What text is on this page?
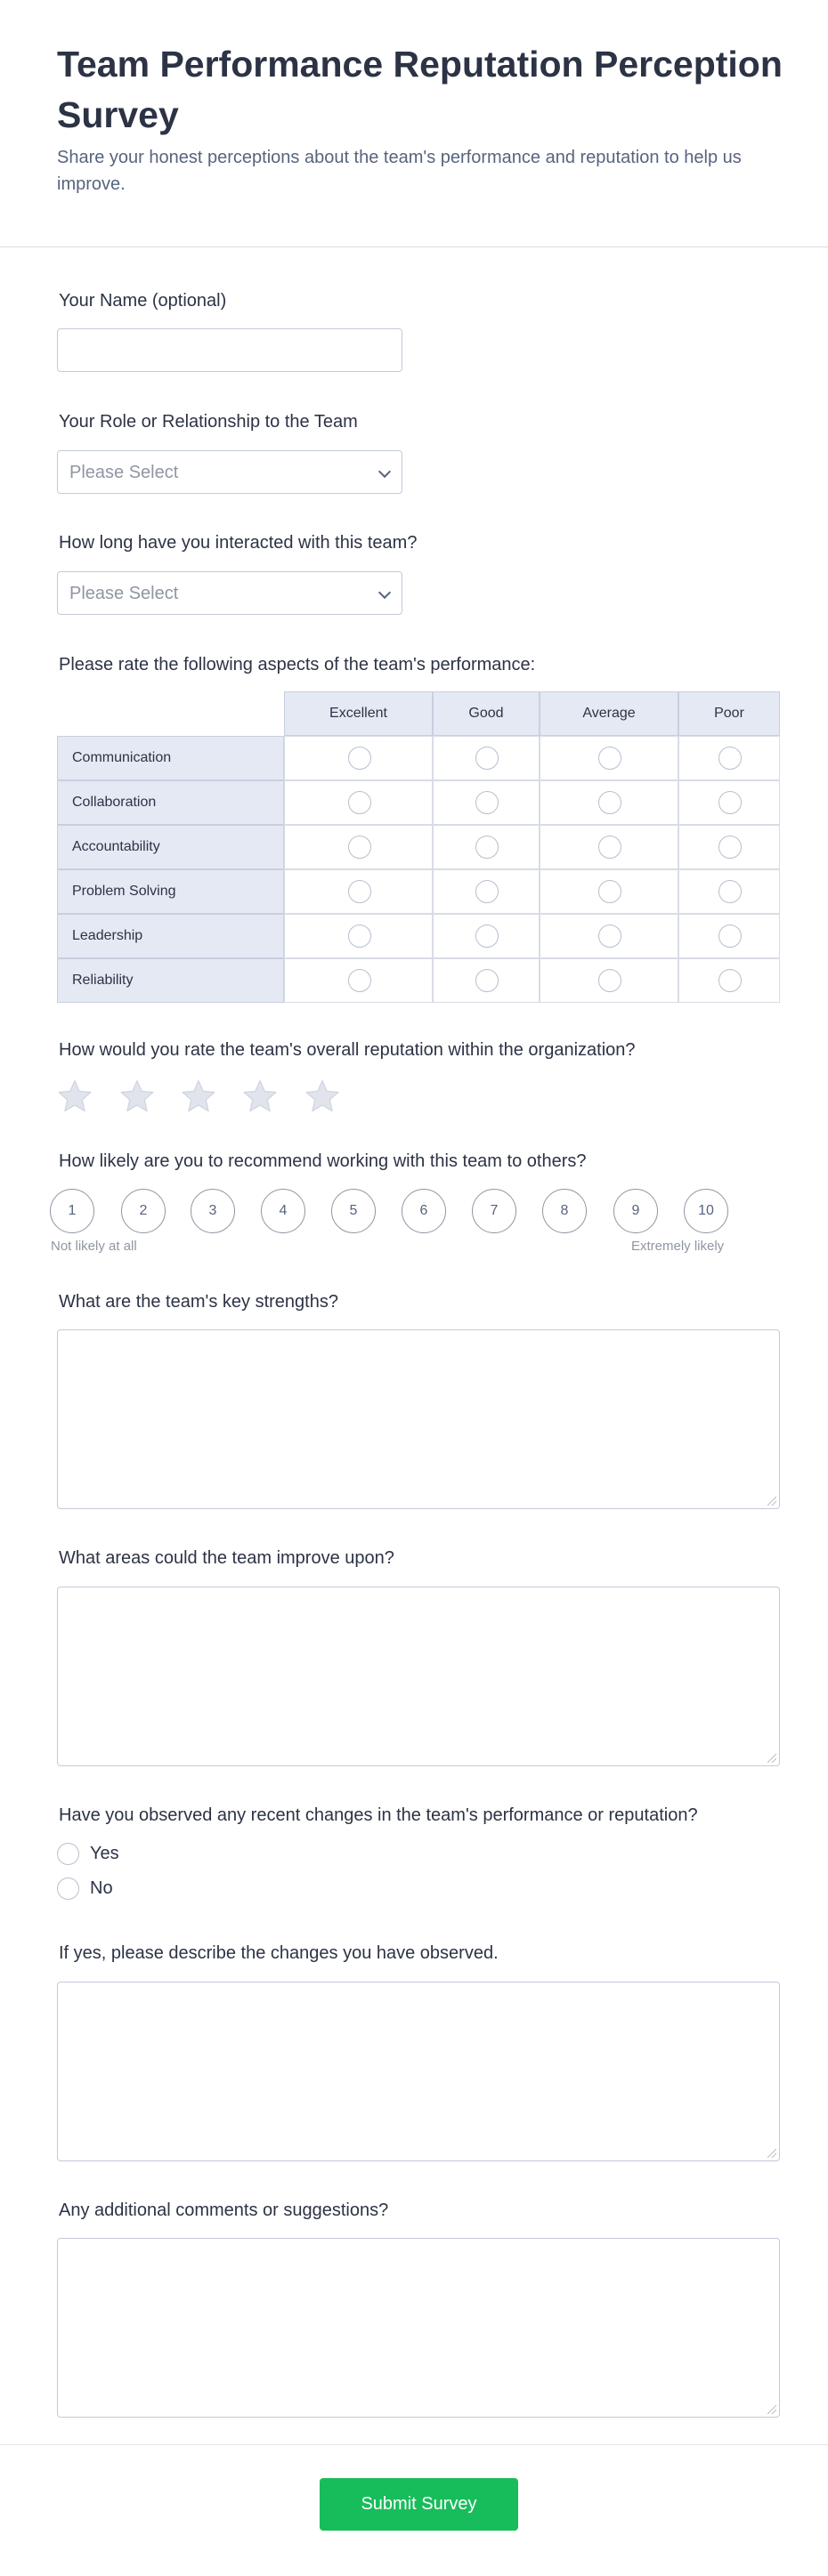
Team Performance Reputation Perception Survey

Share your honest perceptions about the team's performance and reputation to help us improve.

Your Name (optional)
Your Role or Relationship to the Team
Please Select
How long have you interacted with this team?
Please Select
Please rate the following aspects of the team's performance:
Excellent	Good	Average	Poor
Communication
Collaboration
Accountability
Problem Solving
Leadership
Reliability
How would you rate the team's overall reputation within the organization?
How likely are you to recommend working with this team to others?
1	2	3	4	5	6	7	8	9	10
Not likely at all	Extremely likely
What are the team's key strengths?
What areas could the team improve upon?
Have you observed any recent changes in the team's performance or reputation?
Yes
No
If yes, please describe the changes you have observed.
Any additional comments or suggestions?
Submit Survey
